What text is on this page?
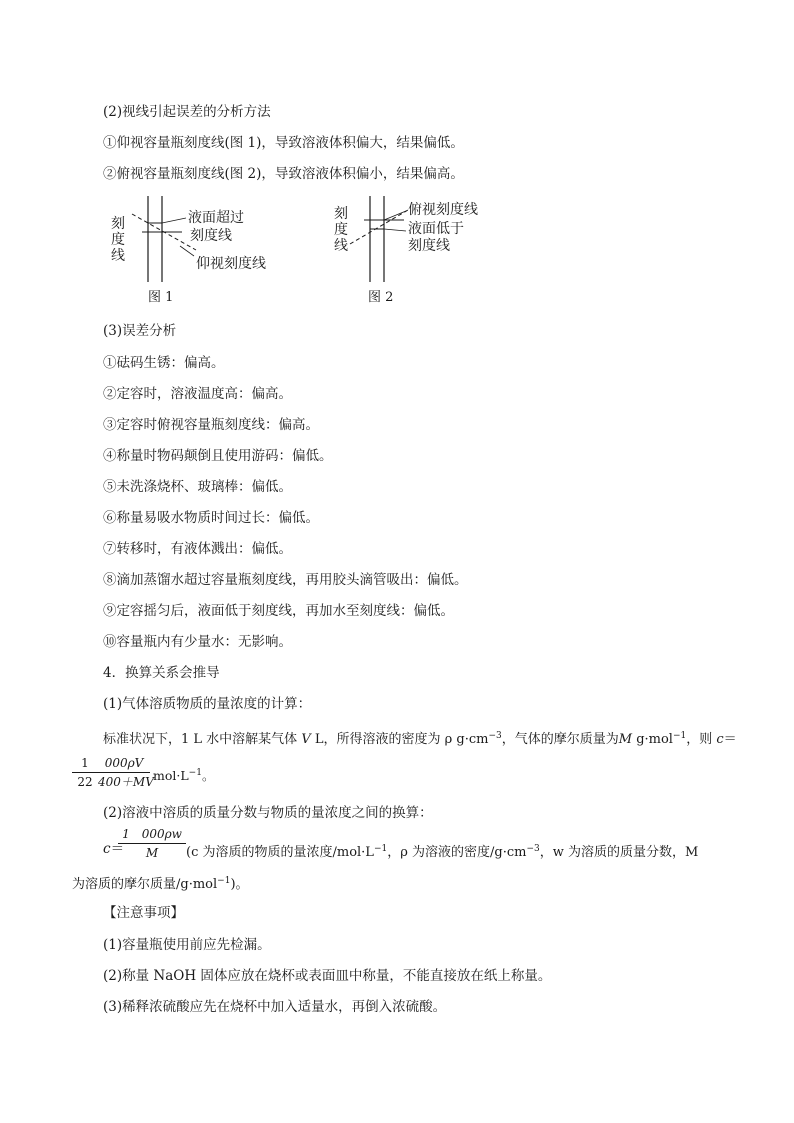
(2)视线引起误差的分析方法
①仰视容量瓶刻度线(图 1)，导致溶液体积偏大，结果偏低。
②俯视容量瓶刻度线(图 2)，导致溶液体积偏小，结果偏高。
刻
度
线
液面超过
刻度线
仰视刻度线
图 1
刻
度
线
俯视刻度线
液面低于
刻度线
图 2
(3)误差分析
①砝码生锈：偏高。
②定容时，溶液温度高：偏高。
③定容时俯视容量瓶刻度线：偏高。
④称量时物码颠倒且使用游码：偏低。
⑤未洗涤烧杯、玻璃棒：偏低。
⑥称量易吸水物质时间过长：偏低。
⑦转移时，有液体溅出：偏低。
⑧滴加蒸馏水超过容量瓶刻度线，再用胶头滴管吸出：偏低。
⑨定容摇匀后，液面低于刻度线，再加水至刻度线：偏低。
⑩容量瓶内有少量水：无影响。
4．换算关系会推导
(1)气体溶质物质的量浓度的计算：
标准状况下，1 L 水中溶解某气体 V L，所得溶液的密度为 ρ $g\cdot cm^{-3}$，气体的摩尔质量为M g·mol$^{-1}$，则 c＝
1
22
000ρV
400＋MV $mol\cdot L^{-1}$。
(2)溶液中溶质的质量分数与物质的量浓度之间的换算：
c＝
1　000ρw
M	(c 为溶质的物质的量浓度$/mol\cdot L^{-1}$，ρ 为溶液的密度$/g\cdot cm^{-3}$，w 为溶质的质量分数，M
为溶质的摩尔质量/g·mol$^{-1}$)。
【注意事项】
(1)容量瓶使用前应先检漏。
(2)称量 NaOH 固体应放在烧杯或表面皿中称量，不能直接放在纸上称量。
(3)稀释浓硫酸应先在烧杯中加入适量水，再倒入浓硫酸。
